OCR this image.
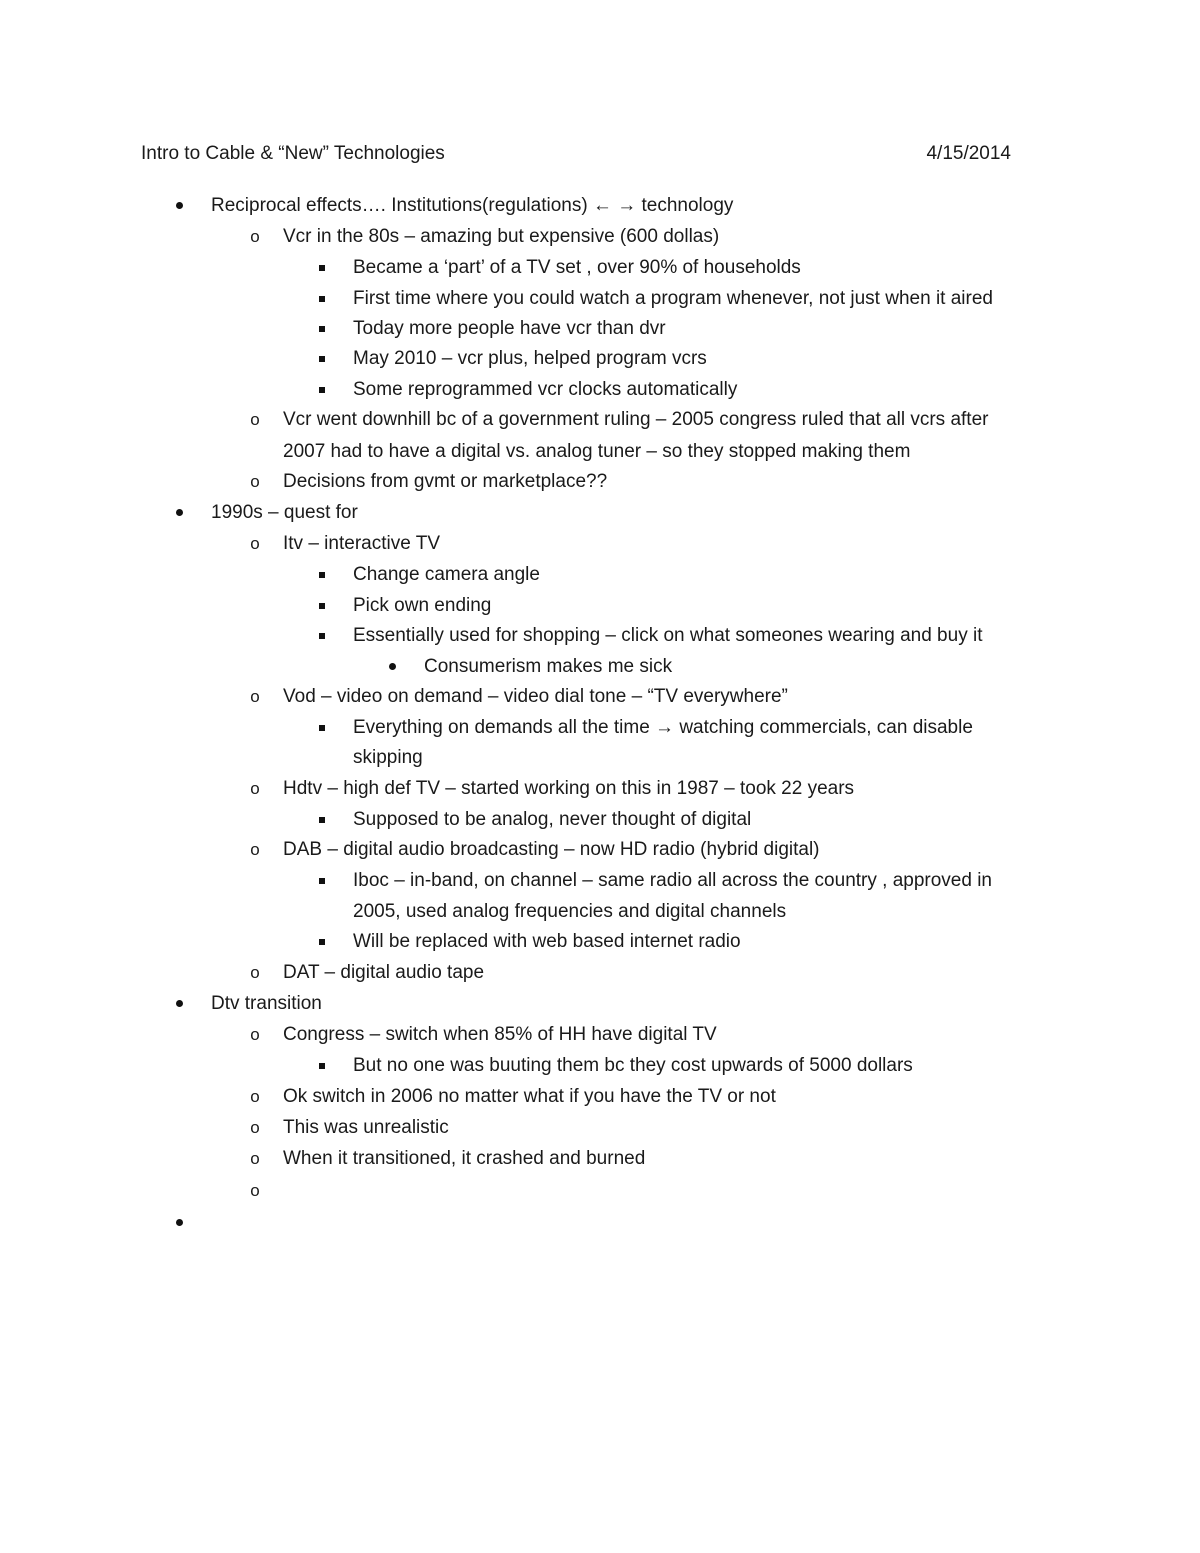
Intro to Cable & “New” Technologies	4/15/2014
Reciprocal effects…. Institutions(regulations) ← → technology
o Vcr in the 80s – amazing but expensive (600 dollas)
Became a ‘part’ of a TV set , over 90% of households
First time where you could watch a program whenever, not just when it aired
Today more people have vcr than dvr
May 2010 – vcr plus, helped program vcrs
Some reprogrammed vcr clocks automatically
o Vcr went downhill bc of a government ruling – 2005 congress ruled that all vcrs after
2007 had to have a digital vs. analog tuner – so they stopped making them
o Decisions from gvmt or marketplace??
1990s – quest for
o Itv – interactive TV
Change camera angle
Pick own ending
Essentially used for shopping – click on what someones wearing and buy it
Consumerism makes me sick
o Vod – video on demand – video dial tone – “TV everywhere”
Everything on demands all the time → watching commercials, can disable
skipping
o Hdtv – high def TV – started working on this in 1987 – took 22 years
Supposed to be analog, never thought of digital
o DAB – digital audio broadcasting – now HD radio (hybrid digital)
Iboc – in-band, on channel – same radio all across the country , approved in
2005, used analog frequencies and digital channels
Will be replaced with web based internet radio
o DAT – digital audio tape
Dtv transition
o Congress – switch when 85% of HH have digital TV
But no one was buuting them bc they cost upwards of 5000 dollars
o Ok switch in 2006 no matter what if you have the TV or not
o This was unrealistic
o When it transitioned, it crashed and burned
o
